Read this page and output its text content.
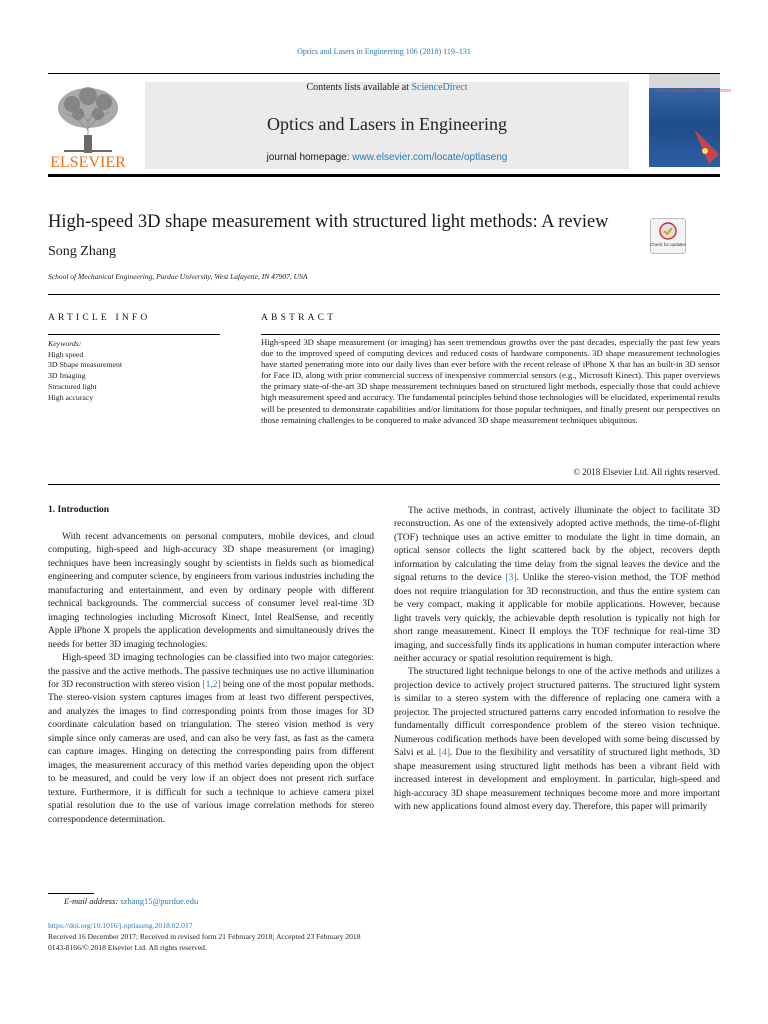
Optics and Lasers in Engineering 106 (2018) 119–131
ELSEVIER
Contents lists available at ScienceDirect
Optics and Lasers in Engineering
journal homepage: www.elsevier.com/locate/optlaseng
OPTICS and LASERS in ENGINEERING
High-speed 3D shape measurement with structured light methods: A review
Song Zhang
School of Mechanical Engineering, Purdue University, West Lafayette, IN 47907, USA
Check for updates
ARTICLE INFO
Keywords:
High speed
3D Shape measurement
3D Imaging
Structured light
High accuracy
ABSTRACT
High-speed 3D shape measurement (or imaging) has seen tremendous growths over the past decades, especially the past few years due to the improved speed of computing devices and reduced costs of hardware components. 3D shape measurement technologies have started penetrating more into our daily lives than ever before with the recent release of iPhone X that has an built-in 3D sensor for Face ID, along with prior commercial success of inexpensive commercial sensors (e.g., Microsoft Kinect). This paper overviews the primary state-of-the-art 3D shape measurement techniques based on structured light methods, especially those that could achieve high measurement speed and accuracy. The fundamental principles behind those technologies will be elucidated, experimental results will be presented to demonstrate capabilities and/or limitations for those popular techniques, and finally present our perspectives on those remaining challenges to be conquered to make advanced 3D shape measurement techniques ubiquitous.
© 2018 Elsevier Ltd. All rights reserved.
1. Introduction

With recent advancements on personal computers, mobile devices, and cloud computing, high-speed and high-accuracy 3D shape measurement (or imaging) techniques have been increasingly sought by scientists in fields such as biomedical engineering and computer science, by engineers from various industries including the manufacturing and entertainment, and even by ordinary people with different technical backgrounds. The commercial success of consumer level real-time 3D imaging technologies including Microsoft Kinect, Intel RealSense, and recently Apple iPhone X propels the application developments and simultaneously drives the needs for better 3D imaging technologies.

High-speed 3D imaging technologies can be classified into two major categories: the passive and the active methods. The passive techniques use no active illumination for 3D reconstruction with stereo vision [1,2] being one of the most popular methods. The stereo-vision system captures images from at least two different perspectives, and analyzes the images to find corresponding points from those images for 3D coordinate calculation based on triangulation. The stereo vision method is very simple since only cameras are used, and can also be very fast, as fast as the camera can capture images. Hinging on detecting the corresponding pairs from different images, the measurement accuracy of this method varies depending upon the object to be measured, and could be very low if an object does not present rich surface texture. Furthermore, it is difficult for such a technique to achieve camera pixel spatial resolution due to the use of various image correlation methods for stereo correspondence determination.

The active methods, in contrast, actively illuminate the object to facilitate 3D reconstruction. As one of the extensively adopted active methods, the time-of-flight (TOF) technique uses an active emitter to modulate the light in time domain, an optical sensor collects the light scattered back by the object, recovers depth information by calculating the time delay from the signal leaves the device and the signal returns to the device [3]. Unlike the stereo-vision method, the TOF method does not require triangulation for 3D reconstruction, and thus the entire system can be very compact, making it applicable for mobile applications. However, because light travels very quickly, the achievable depth resolution is typically not high for short range measurement. Kinect II employs the TOF technique for real-time 3D imaging, and successfully finds its applications in human computer interaction where neither accuracy or spatial resolution requirement is high.

The structured light technique belongs to one of the active methods and utilizes a projection device to actively project structured patterns. The structured light system is similar to a stereo system with the difference of replacing one camera with a projector. The projected structured patterns carry encoded information to resolve the fundamentally difficult correspondence problem of the stereo vision technique. Numerous codification methods have been developed with some being discussed by Salvi et al. [4]. Due to the flexibility and versatility of structured light methods, 3D shape measurement using structured light methods has been a vibrant field with increased interest in development and employment. In particular, high-speed and high-accuracy 3D shape measurement techniques become more and more important with new applications found almost every day. Therefore, this paper will primarily

E-mail address: szhang15@purdue.edu
https://doi.org/10.1016/j.optlaseng.2018.02.017
Received 16 December 2017; Received in revised form 21 February 2018; Accepted 23 February 2018
0143-8166/© 2018 Elsevier Ltd. All rights reserved.
